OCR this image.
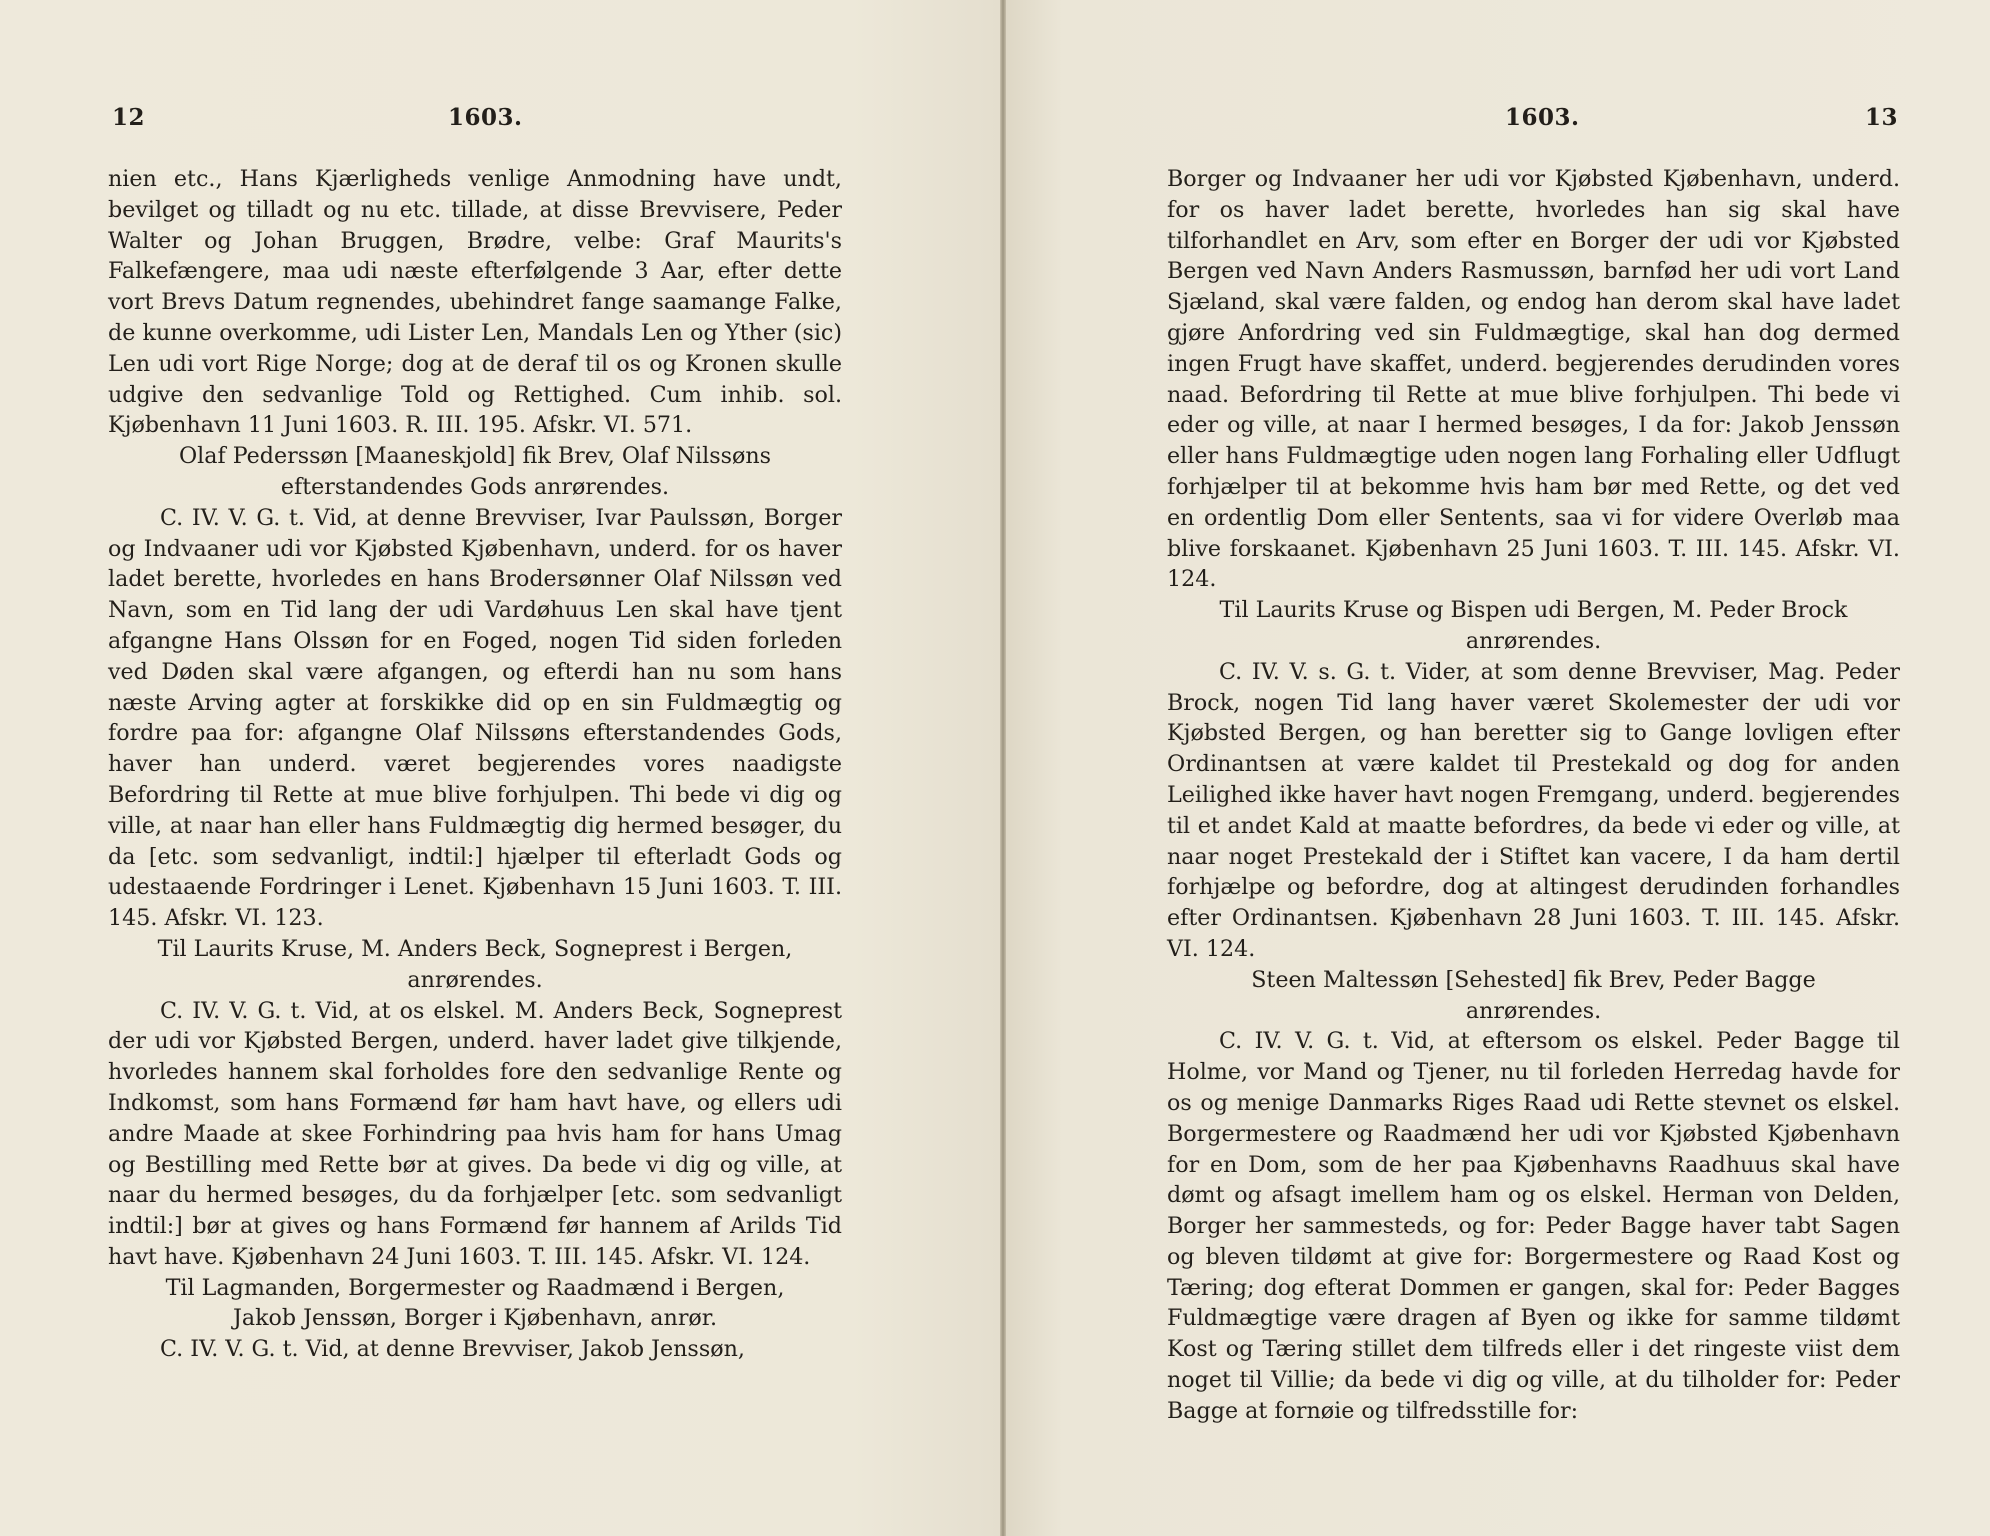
12	1603.

nien etc., Hans Kjærligheds venlige Anmodning have undt, bevilget og tilladt og nu etc. tillade, at disse Brevvisere, Peder Walter og Johan Bruggen, Brødre, velbe: Graf Maurits's Falkefængere, maa udi næste efterfølgende 3 Aar, efter dette vort Brevs Datum regnendes, ubehindret fange saamange Falke, de kunne overkomme, udi Lister Len, Mandals Len og Yther (sic) Len udi vort Rige Norge; dog at de deraf til os og Kronen skulle udgive den sedvanlige Told og Rettighed. Cum inhib. sol. Kjøbenhavn 11 Juni 1603. R. III. 195. Afskr. VI. 571.

Olaf Pederssøn [Maaneskjold] fik Brev, Olaf Nilssøns efterstandendes Gods anrørendes.

C. IV. V. G. t. Vid, at denne Brevviser, Ivar Paulssøn, Borger og Indvaaner udi vor Kjøbsted Kjøbenhavn, underd. for os haver ladet berette, hvorledes en hans Brodersønner Olaf Nilssøn ved Navn, som en Tid lang der udi Vardøhuus Len skal have tjent afgangne Hans Olssøn for en Foged, nogen Tid siden forleden ved Døden skal være afgangen, og efterdi han nu som hans næste Arving agter at forskikke did op en sin Fuldmægtig og fordre paa for: afgangne Olaf Nilssøns efterstandendes Gods, haver han underd. været begjerendes vores naadigste Befordring til Rette at mue blive forhjulpen. Thi bede vi dig og ville, at naar han eller hans Fuldmægtig dig hermed besøger, du da [etc. som sedvanligt, indtil:] hjælper til efterladt Gods og udestaaende Fordringer i Lenet. Kjøbenhavn 15 Juni 1603. T. III. 145. Afskr. VI. 123.

Til Laurits Kruse, M. Anders Beck, Sogneprest i Bergen, anrørendes.

C. IV. V. G. t. Vid, at os elskel. M. Anders Beck, Sogneprest der udi vor Kjøbsted Bergen, underd. haver ladet give tilkjende, hvorledes hannem skal forholdes fore den sedvanlige Rente og Indkomst, som hans Formænd før ham havt have, og ellers udi andre Maade at skee Forhindring paa hvis ham for hans Umag og Bestilling med Rette bør at gives. Da bede vi dig og ville, at naar du hermed besøges, du da forhjælper [etc. som sedvanligt indtil:] bør at gives og hans Formænd før hannem af Arilds Tid havt have. Kjøbenhavn 24 Juni 1603. T. III. 145. Afskr. VI. 124.

Til Lagmanden, Borgermester og Raadmænd i Bergen, Jakob Jenssøn, Borger i Kjøbenhavn, anrør.

C. IV. V. G. t. Vid, at denne Brevviser, Jakob Jenssøn,

1603.	13

Borger og Indvaaner her udi vor Kjøbsted Kjøbenhavn, underd. for os haver ladet berette, hvorledes han sig skal have tilforhandlet en Arv, som efter en Borger der udi vor Kjøbsted Bergen ved Navn Anders Rasmussøn, barnfød her udi vort Land Sjæland, skal være falden, og endog han derom skal have ladet gjøre Anfordring ved sin Fuldmægtige, skal han dog dermed ingen Frugt have skaffet, underd. begjerendes derudinden vores naad. Befordring til Rette at mue blive forhjulpen. Thi bede vi eder og ville, at naar I hermed besøges, I da for: Jakob Jenssøn eller hans Fuldmægtige uden nogen lang Forhaling eller Udflugt forhjælper til at bekomme hvis ham bør med Rette, og det ved en ordentlig Dom eller Sentents, saa vi for videre Overløb maa blive forskaanet. Kjøbenhavn 25 Juni 1603. T. III. 145. Afskr. VI. 124.

Til Laurits Kruse og Bispen udi Bergen, M. Peder Brock anrørendes.

C. IV. V. s. G. t. Vider, at som denne Brevviser, Mag. Peder Brock, nogen Tid lang haver været Skolemester der udi vor Kjøbsted Bergen, og han beretter sig to Gange lovligen efter Ordinantsen at være kaldet til Prestekald og dog for anden Leilighed ikke haver havt nogen Fremgang, underd. begjerendes til et andet Kald at maatte befordres, da bede vi eder og ville, at naar noget Prestekald der i Stiftet kan vacere, I da ham dertil forhjælpe og befordre, dog at altingest derudinden forhandles efter Ordinantsen. Kjøbenhavn 28 Juni 1603. T. III. 145. Afskr. VI. 124.

Steen Maltessøn [Sehested] fik Brev, Peder Bagge anrørendes.

C. IV. V. G. t. Vid, at eftersom os elskel. Peder Bagge til Holme, vor Mand og Tjener, nu til forleden Herredag havde for os og menige Danmarks Riges Raad udi Rette stevnet os elskel. Borgermestere og Raadmænd her udi vor Kjøbsted Kjøbenhavn for en Dom, som de her paa Kjøbenhavns Raadhuus skal have dømt og afsagt imellem ham og os elskel. Herman von Delden, Borger her sammesteds, og for: Peder Bagge haver tabt Sagen og bleven tildømt at give for: Borgermestere og Raad Kost og Tæring; dog efterat Dommen er gangen, skal for: Peder Bagges Fuldmægtige være dragen af Byen og ikke for samme tildømt Kost og Tæring stillet dem tilfreds eller i det ringeste viist dem noget til Villie; da bede vi dig og ville, at du tilholder for: Peder Bagge at fornøie og tilfredsstille for:
